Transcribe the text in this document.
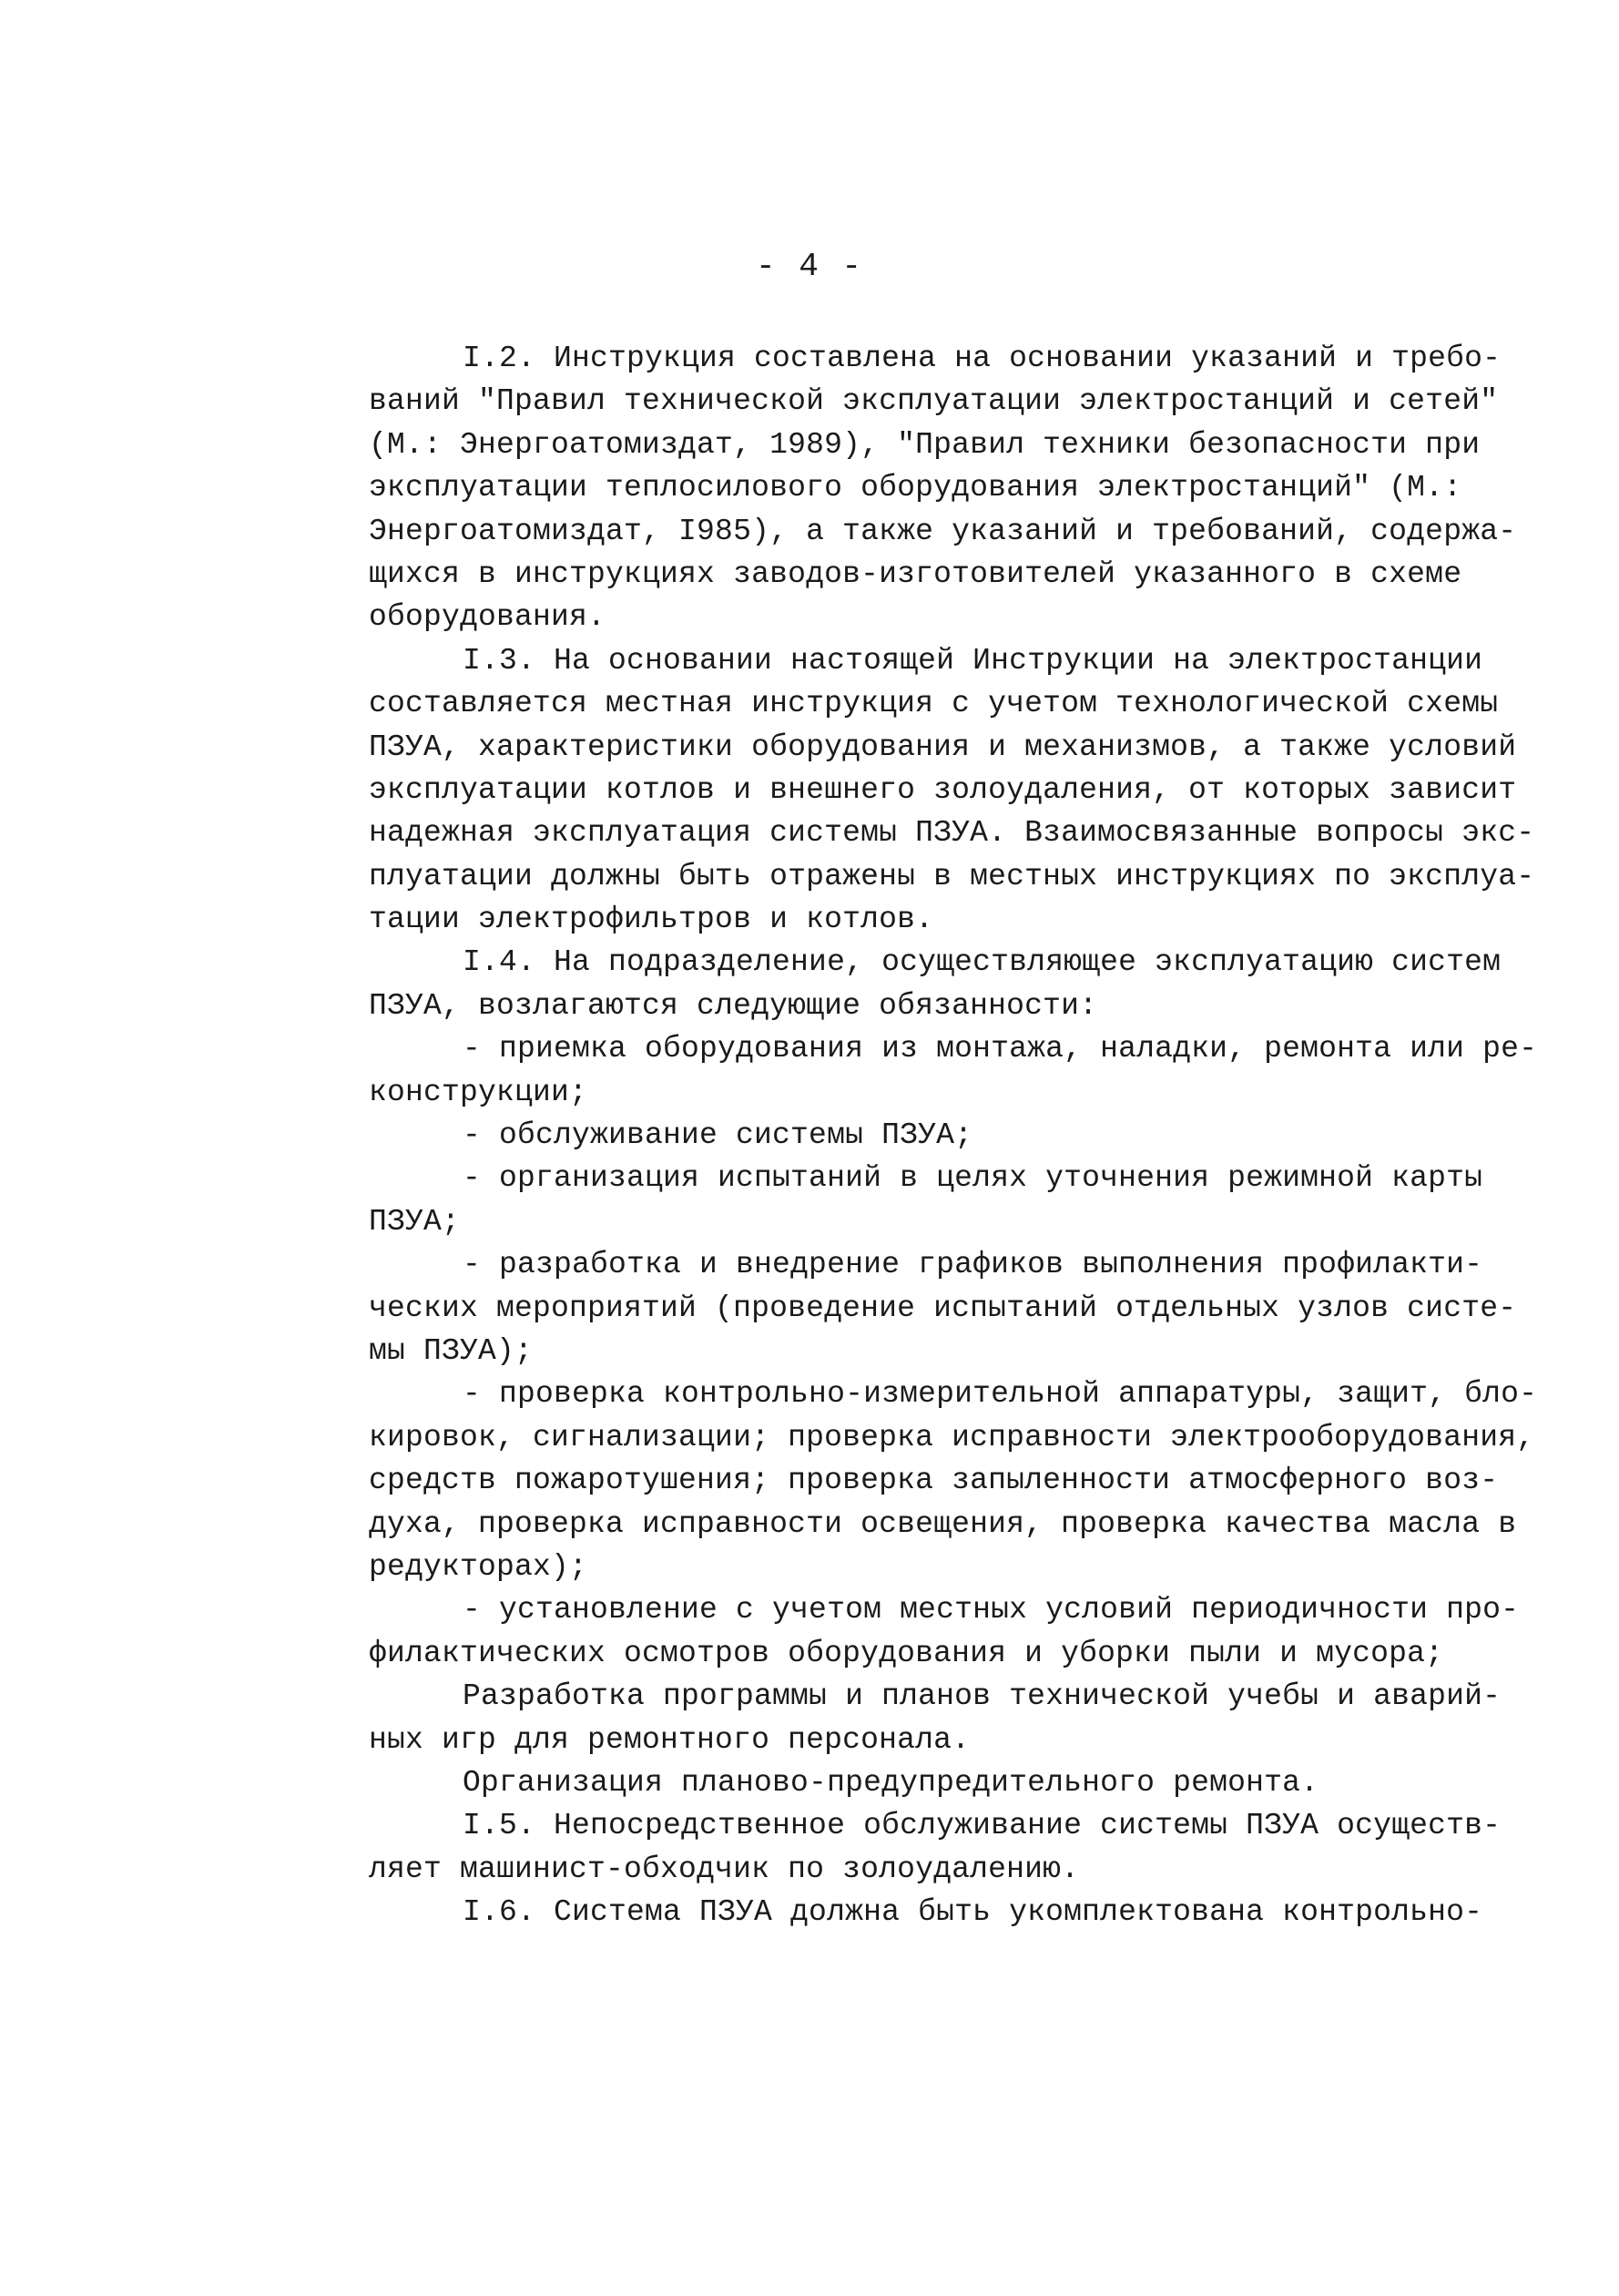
- 4 -
I.2. Инструкция составлена на основании указаний и требо-
ваний "Правил технической эксплуатации электростанций и сетей"
(М.: Энергоатомиздат, 1989), "Правил техники безопасности при
эксплуатации теплосилового оборудования электростанций" (М.:
Энергоатомиздат, I985), а также указаний и требований, содержа-
щихся в инструкциях заводов-изготовителей указанного в схеме
оборудования.
I.3. На основании настоящей Инструкции на электростанции
составляется местная инструкция с учетом технологической схемы
ПЗУА, характеристики оборудования и механизмов, а также условий
эксплуатации котлов и внешнего золоудаления, от которых зависит
надежная эксплуатация системы ПЗУА. Взаимосвязанные вопросы экс-
плуатации должны быть отражены в местных инструкциях по эксплуа-
тации электрофильтров и котлов.
I.4. На подразделение, осуществляющее эксплуатацию систем
ПЗУА, возлагаются следующие обязанности:
- приемка оборудования из монтажа, наладки, ремонта или ре-
конструкции;
- обслуживание системы ПЗУА;
- организация испытаний в целях уточнения режимной карты
ПЗУА;
- разработка и внедрение графиков выполнения профилакти-
ческих мероприятий (проведение испытаний отдельных узлов систе-
мы ПЗУА);
- проверка контрольно-измерительной аппаратуры, защит, бло-
кировок, сигнализации; проверка исправности электрооборудования,
средств пожаротушения; проверка запыленности атмосферного воз-
духа, проверка исправности освещения, проверка качества масла в
редукторах);
- установление с учетом местных условий периодичности про-
филактических осмотров оборудования и уборки пыли и мусора;
Разработка программы и планов технической учебы и аварий-
ных игр для ремонтного персонала.
Организация планово-предупредительного ремонта.
I.5. Непосредственное обслуживание системы ПЗУА осуществ-
ляет машинист-обходчик по золоудалению.
I.6. Система ПЗУА должна быть укомплектована контрольно-
